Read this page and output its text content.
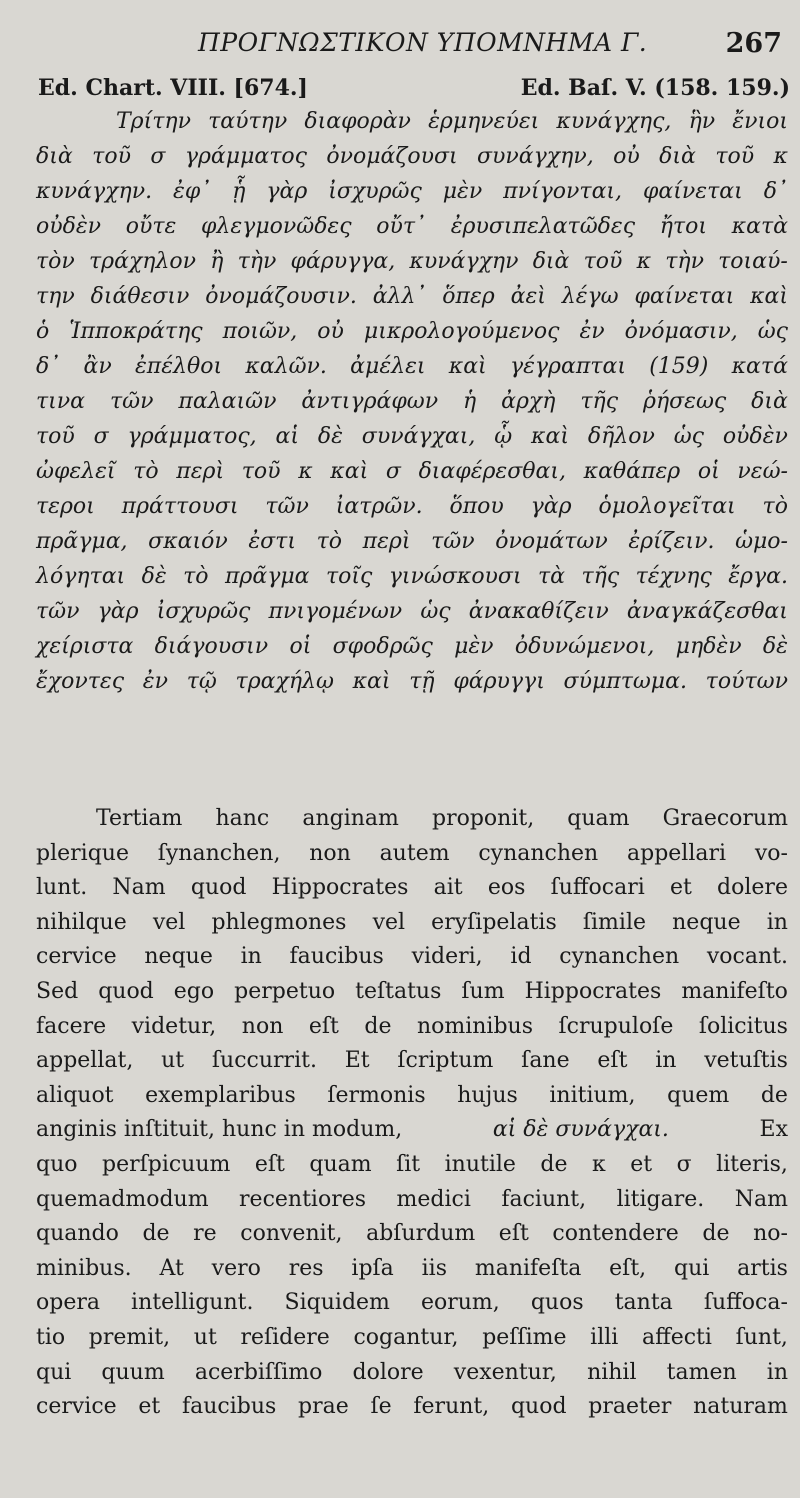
ΠΡΟΓΝΩΣΤΙΚΟΝ ΥΠΟΜΝΗΜΑ Γ.	267
Ed. Chart. VIII. [674.]	Ed. Baſ. V. (158. 159.)
Τρίτην ταύτην διαφορὰν ἑρμηνεύει κυνάγχης, ἣν ἔνιοι
διὰ τοῦ σ γράμματος ὀνομάζουσι συνάγχην, οὐ διὰ τοῦ κ
κυνάγχην. ἐφ᾽ ᾗ γὰρ ἰσχυρῶς μὲν πνίγονται, φαίνεται δ᾽
οὐδὲν οὔτε φλεγμονῶδες οὔτ᾽ ἐρυσιπελατῶδες ἤτοι κατὰ
τὸν τράχηλον ἢ τὴν φάρυγγα, κυνάγχην διὰ τοῦ κ τὴν τοιαύ-
την διάθεσιν ὀνομάζουσιν. ἀλλ᾽ ὅπερ ἀεὶ λέγω φαίνεται καὶ
ὁ Ἱπποκράτης ποιῶν, οὐ μικρολογούμενος ἐν ὀνόμασιν, ὡς
δ᾽ ἂν ἐπέλθοι καλῶν. ἀμέλει καὶ γέγραπται (159) κατά
τινα τῶν παλαιῶν ἀντιγράφων ἡ ἀρχὴ τῆς ῥήσεως διὰ
τοῦ σ γράμματος, αἱ δὲ συνάγχαι, ᾧ καὶ δῆλον ὡς οὐδὲν
ὠφελεῖ τὸ περὶ τοῦ κ καὶ σ διαφέρεσθαι, καθάπερ οἱ νεώ-
τεροι πράττουσι τῶν ἰατρῶν. ὅπου γὰρ ὁμολογεῖται τὸ
πρᾶγμα, σκαιόν ἐστι τὸ περὶ τῶν ὀνομάτων ἐρίζειν. ὡμο-
λόγηται δὲ τὸ πρᾶγμα τοῖς γινώσκουσι τὰ τῆς τέχνης ἔργα.
τῶν γὰρ ἰσχυρῶς πνιγομένων ὡς ἀνακαθίζειν ἀναγκάζεσθαι
χείριστα διάγουσιν οἱ σφοδρῶς μὲν ὀδυνώμενοι, μηδὲν δὲ
ἔχοντες ἐν τῷ τραχήλῳ καὶ τῇ φάρυγγι σύμπτωμα. τούτων
Tertiam hanc anginam proponit, quam Graecorum
plerique ſynanchen, non autem cynanchen appellari vo-
lunt. Nam quod Hippocrates ait eos ſuffocari et dolere
nihilque vel phlegmones vel eryſipelatis ſimile neque in
cervice neque in faucibus videri, id cynanchen vocant.
Sed quod ego perpetuo teſtatus ſum Hippocrates manifeſto
facere videtur, non eſt de nominibus ſcrupuloſe ſolicitus
appellat, ut ſuccurrit. Et ſcriptum ſane eſt in vetuſtis
aliquot exemplaribus ſermonis hujus initium, quem de
anginis inſtituit, hunc in modum,	αἱ δὲ συνάγχαι.	Ex
quo perſpicuum eſt quam ſit inutile de κ et σ literis,
quemadmodum recentiores medici faciunt, litigare. Nam
quando de re convenit, abſurdum eſt contendere de no-
minibus. At vero res ipſa iis manifeſta eſt, qui artis
opera intelligunt. Siquidem eorum, quos tanta ſuffoca-
tio premit, ut reſidere cogantur, peſſime illi affecti ſunt,
qui quum acerbiſſimo dolore vexentur, nihil tamen in
cervice et faucibus prae ſe ferunt, quod praeter naturam
